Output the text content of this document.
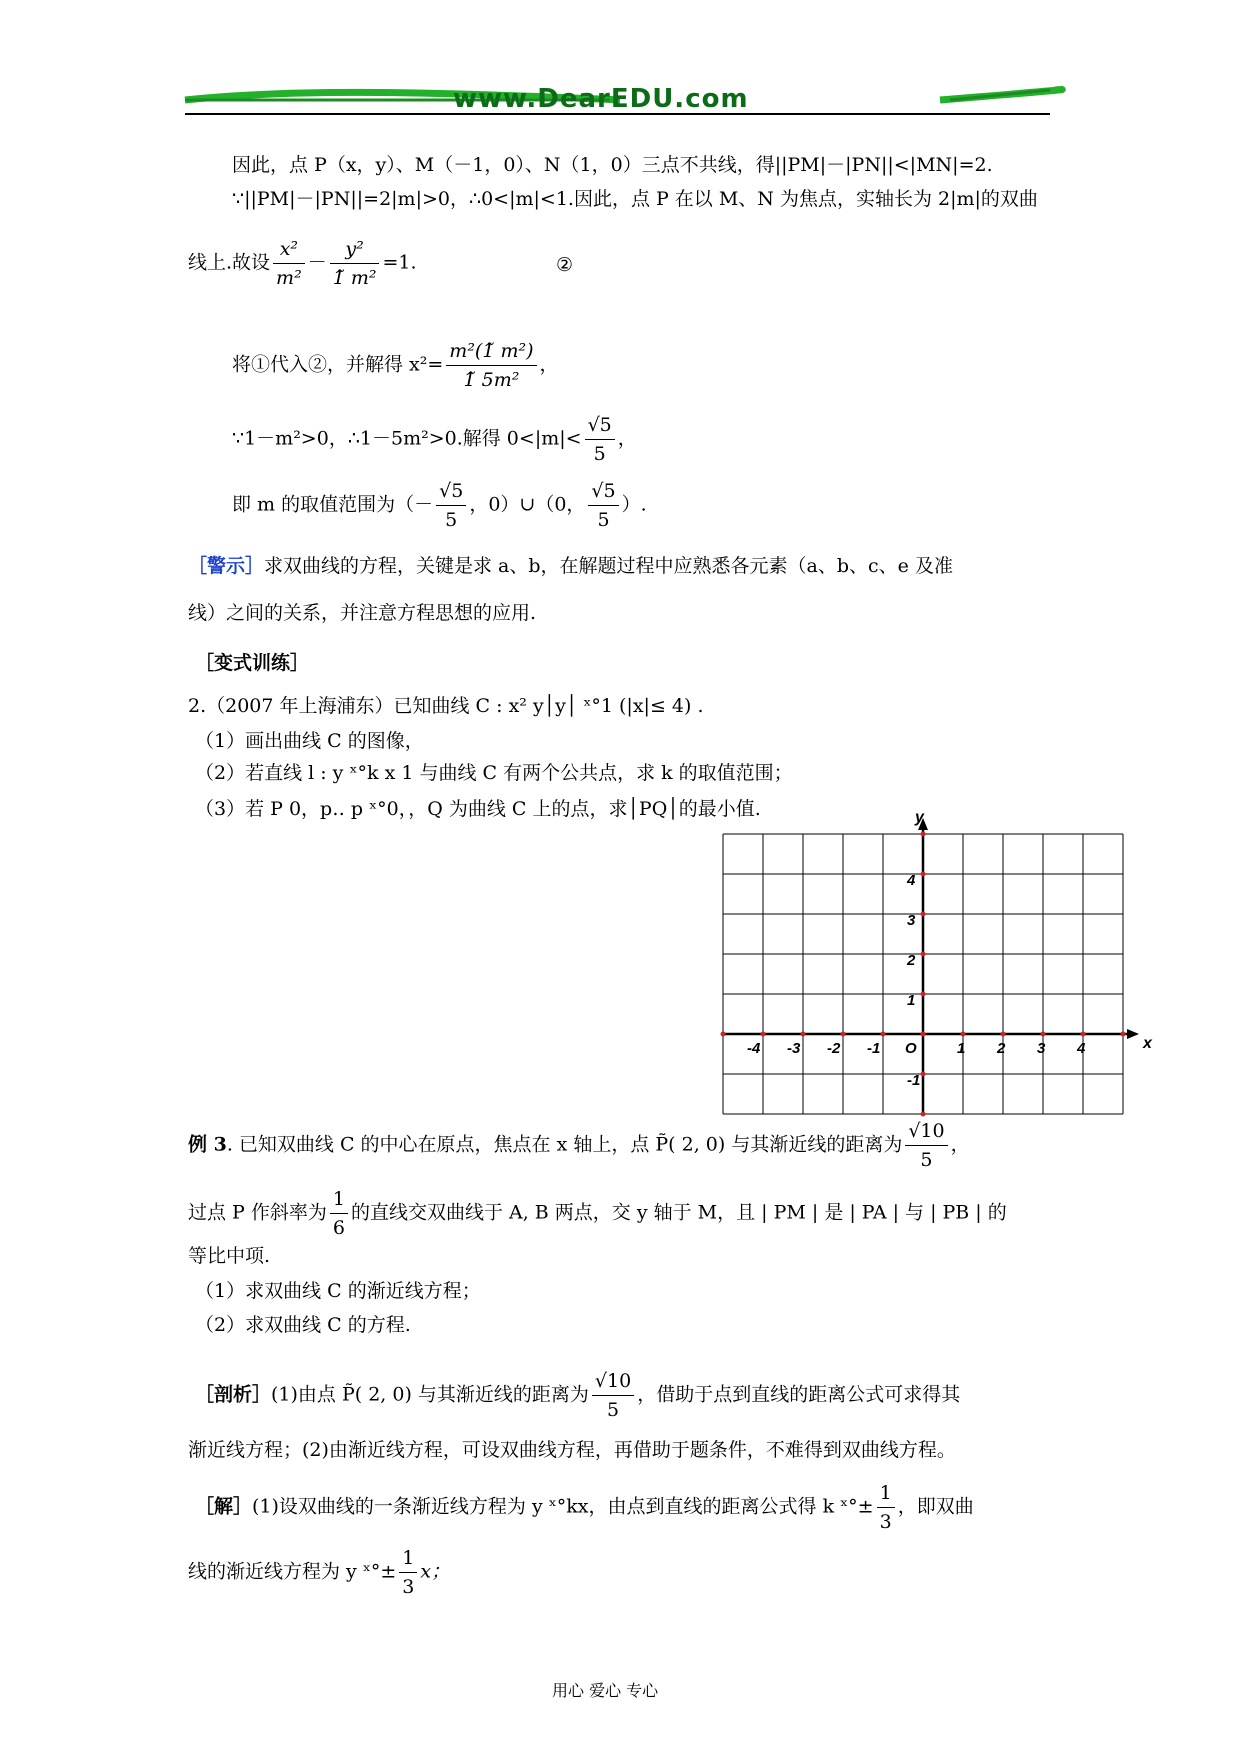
www.DearEDU.com
因此，点 P（x，y）、M（－1，0）、N（1，0）三点不共线，得||PM|－|PN||<|MN|=2.
∵||PM|－|PN||=2|m|>0，∴0<|m|<1.因此，点 P 在以 M、N 为焦点，实轴长为 2|m|的双曲
线上.故设 $\frac{\text{x²}}{\text{m²}} - \frac{\text{y²}}{\text{1̃ m²}} =1$.	②
将①代入②，并解得 $x^2= \frac{\text{m²(1̃ m²)}}{\text{1̃ 5m²}}$ ，
∵1－m²>0，∴1－5m²>0.解得 $0<|m|< \frac{√5}{5}$ ，
即 m 的取值范围为（－ $\frac{√5}{5}$ ，0）∪（0， $\frac{√5}{5}$ ）.
［警示］求双曲线的方程，关键是求 a、b，在解题过程中应熟悉各元素（a、b、c、e 及准
线）之间的关系，并注意方程思想的应用.
［变式训练］
2.（2007 年上海浦东）已知曲线 C : x² y│y│ ˣ°1 (|x|≤ 4) .
（1）画出曲线 C 的图像，
（2）若直线 l : y ˣ°k x 1 与曲线 C 有两个公共点，求 k 的取值范围；
（3）若 P 0，p‥ p ˣ°0，，Q 为曲线 C 上的点，求│PQ│的最小值.
-4 -3 -2 -1 O	1 2 3 4
4
3
2
1
-1
x
y
例 3. 已知双曲线 C 的中心在原点，焦点在 x 轴上，点 P̃( 2, 0) 与其渐近线的距离为 $\frac{√10}{5}$ ，
过点 P 作斜率为 $\frac{1}{6}$ 的直线交双曲线于 A, B 两点，交 y 轴于 M，且 | PM | 是 | PA | 与 | PB | 的
等比中项.
（1）求双曲线 C 的渐近线方程；
（2）求双曲线 C 的方程.
［剖析］(1)由点 P̃( 2, 0) 与其渐近线的距离为 $\frac{√10}{5}$ ，借助于点到直线的距离公式可求得其
渐近线方程；(2)由渐近线方程，可设双曲线方程，再借助于题条件，不难得到双曲线方程。
［解］(1)设双曲线的一条渐近线方程为 y ˣ°kx，由点到直线的距离公式得 k ˣ°± $\frac{1}{3}$ ，即双曲
线的渐近线方程为 y ˣ°± $\frac{1}{3}$ x；
用心 爱心 专心
